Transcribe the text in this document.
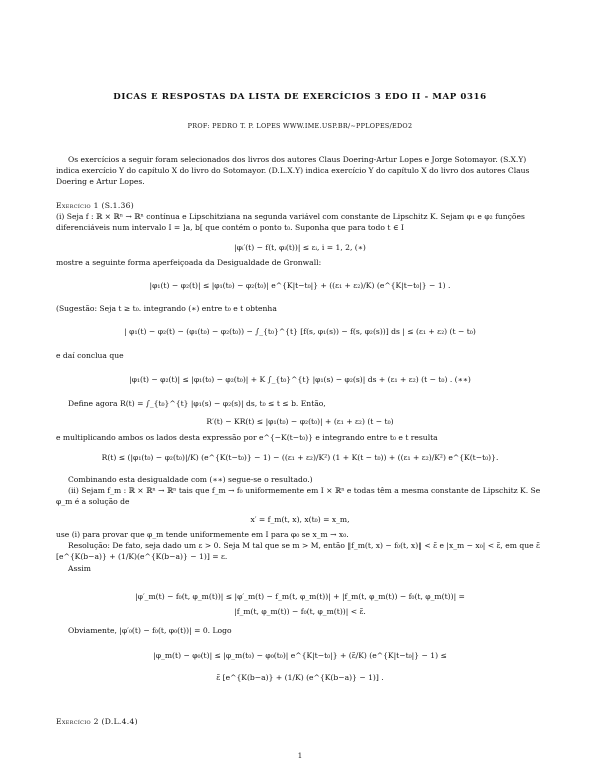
DICAS E RESPOSTAS DA LISTA DE EXERCÍCIOS 3 EDO II - MAP 0316
PROF: PEDRO T. P. LOPES WWW.IME.USP.BR/∼PPLOPES/EDO2
Os exercícios a seguir foram selecionados dos livros dos autores Claus Doering-Artur Lopes e Jorge Sotomayor. (S.X.Y) indica exercício Y do capítulo X do livro do Sotomayor. (D.L.X.Y) indica exercício Y do capítulo X do livro dos autores Claus Doering e Artur Lopes.
Exercício 1 (S.1.36)
(i) Seja f : ℝ × ℝⁿ → ℝⁿ contínua e Lipschitziana na segunda variável com constante de Lipschitz K. Sejam φ₁ e φ₂ funções diferenciáveis num intervalo I = ]a, b[ que contém o ponto t₀. Suponha que para todo t ∈ I
|φᵢ′(t) − f(t, φᵢ(t))| ≤ εᵢ, i = 1, 2, (∗)
mostre a seguinte forma aperfeiçoada da Desigualdade de Gronwall:
|φ₁(t) − φ₂(t)| ≤ |φ₁(t₀) − φ₂(t₀)| e^{K|t−t₀|} + ((ε₁ + ε₂)/K) (e^{K|t−t₀|} − 1) .
(Sugestão: Seja t ≥ t₀. integrando (∗) entre t₀ e t obtenha
| φ₁(t) − φ₂(t) − (φ₁(t₀) − φ₂(t₀)) − ∫_{t₀}^{t} [f(s, φ₁(s)) − f(s, φ₂(s))] ds | ≤ (ε₁ + ε₂) (t − t₀)
e daí conclua que
|φ₁(t) − φ₂(t)| ≤ |φ₁(t₀) − φ₂(t₀)| + K ∫_{t₀}^{t} |φ₁(s) − φ₂(s)| ds + (ε₁ + ε₂) (t − t₀) . (∗∗)
Define agora R(t) = ∫_{t₀}^{t} |φ₁(s) − φ₂(s)| ds, t₀ ≤ t ≤ b. Então,
R′(t) − KR(t) ≤ |φ₁(t₀) − φ₂(t₀)| + (ε₁ + ε₂) (t − t₀)
e multiplicando ambos os lados desta expressão por e^{−K(t−t₀)} e integrando entre t₀ e t resulta
R(t) ≤ (|φ₁(t₀) − φ₂(t₀)|/K) (e^{K(t−t₀)} − 1) − ((ε₁ + ε₂)/K²) (1 + K(t − t₀)) + ((ε₁ + ε₂)/K²) e^{K(t−t₀)}.
Combinando esta desigualdade com (∗∗) segue-se o resultado.)
(ii) Sejam f_m : ℝ × ℝⁿ → ℝⁿ tais que f_m → f₀ uniformemente em I × ℝⁿ e todas têm a mesma constante de Lipschitz K. Se φ_m é a solução de
x′ = f_m(t, x), x(t₀) = x_m,
use (i) para provar que φ_m tende uniformemente em I para φ₀ se x_m → x₀.
Resolução: De fato, seja dado um ε > 0. Seja M tal que se m > M, então ‖f_m(t, x) − f₀(t, x)‖ < ε̃ e |x_m − x₀| < ε̃, em que ε̃ [e^{K(b−a)} + (1/K)(e^{K(b−a)} − 1)] = ε.
Assim
|φ′_m(t) − f₀(t, φ_m(t))| ≤ |φ′_m(t) − f_m(t, φ_m(t))| + |f_m(t, φ_m(t)) − f₀(t, φ_m(t))| =
|f_m(t, φ_m(t)) − f₀(t, φ_m(t))| < ε̃.
Obviamente, |φ′₀(t) − f₀(t, φ₀(t))| = 0. Logo
|φ_m(t) − φ₀(t)| ≤ |φ_m(t₀) − φ₀(t₀)| e^{K|t−t₀|} + (ε̃/K) (e^{K|t−t₀|} − 1) ≤
ε̃ [e^{K(b−a)} + (1/K) (e^{K(b−a)} − 1)] .
Exercício 2 (D.L.4.4)
1
